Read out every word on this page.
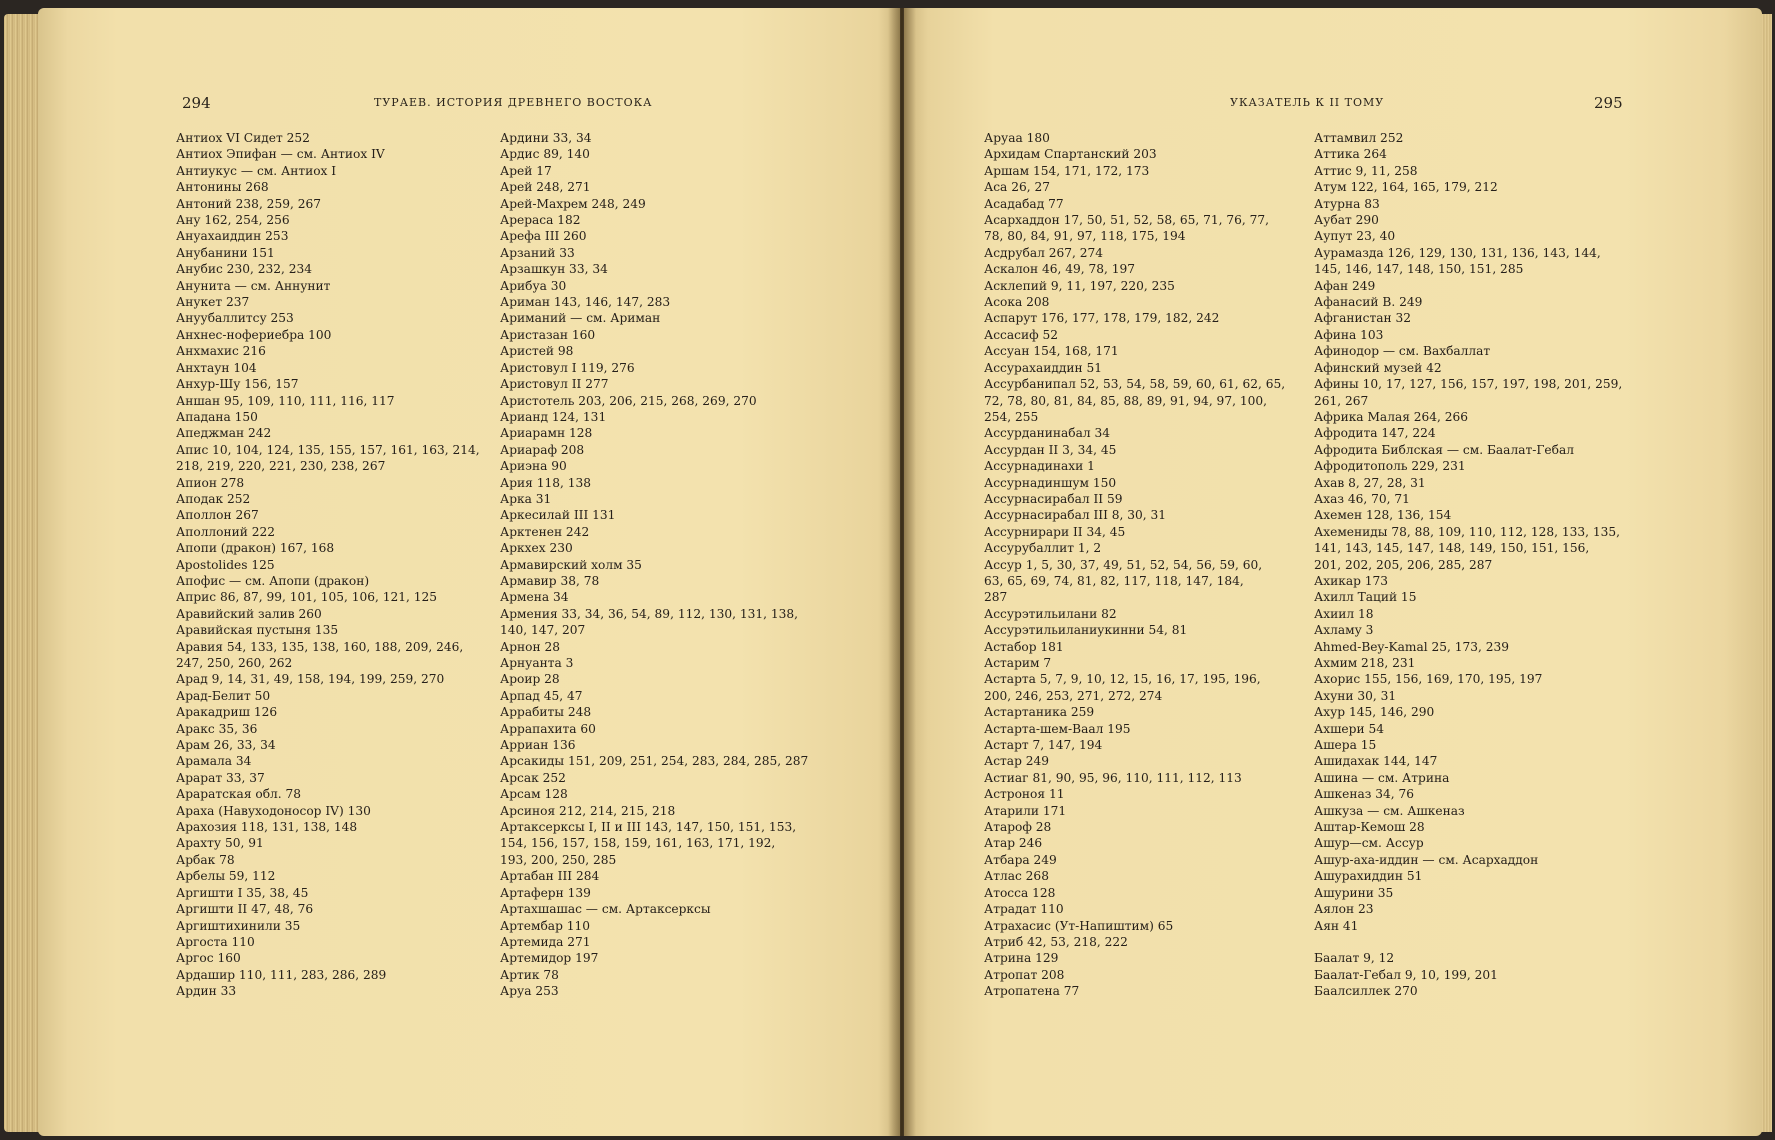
294	ТУРАЕВ. ИСТОРИЯ ДРЕВНЕГО ВОСТОКА	УКАЗАТЕЛЬ К II ТОМУ	295
Антиох VI Сидет 252
Антиох Эпифан — см. Антиох IV
Антиукус — см. Антиох I
Антонины 268
Антоний 238, 259, 267
Ану 162, 254, 256
Ануахаиддин 253
Анубанини 151
Анубис 230, 232, 234
Анунита — см. Аннунит
Анукет 237
Ануубаллитсу 253
Анхнес-нофериебра 100
Анхмахис 216
Анхтаун 104
Анхур-Шу 156, 157
Аншан 95, 109, 110, 111, 116, 117
Ападана 150
Апеджман 242
Апис 10, 104, 124, 135, 155, 157, 161, 163, 214,
218, 219, 220, 221, 230, 238, 267
Апион 278
Аподак 252
Аполлон 267
Аполлоний 222
Апопи (дракон) 167, 168
Apostolides 125
Апофис — см. Апопи (дракон)
Априс 86, 87, 99, 101, 105, 106, 121, 125
Аравийский залив 260
Аравийская пустыня 135
Аравия 54, 133, 135, 138, 160, 188, 209, 246,
247, 250, 260, 262
Арад 9, 14, 31, 49, 158, 194, 199, 259, 270
Арад-Белит 50
Аракадриш 126
Аракс 35, 36
Арам 26, 33, 34
Арамала 34
Арарат 33, 37
Араратская обл. 78
Араха (Навуходоносор IV) 130
Арахозия 118, 131, 138, 148
Арахту 50, 91
Арбак 78
Арбелы 59, 112
Аргишти I 35, 38, 45
Аргишти II 47, 48, 76
Аргиштихинили 35
Аргоста 110
Аргос 160
Ардашир 110, 111, 283, 286, 289
Ардин 33
Ардини 33, 34
Ардис 89, 140
Арей 17
Арей 248, 271
Арей-Махрем 248, 249
Арераса 182
Арефа III 260
Арзаний 33
Арзашкун 33, 34
Арибуа 30
Ариман 143, 146, 147, 283
Ариманий — см. Ариман
Аристазан 160
Аристей 98
Аристовул I 119, 276
Аристовул II 277
Аристотель 203, 206, 215, 268, 269, 270
Арианд 124, 131
Ариарамн 128
Ариараф 208
Ариэна 90
Ария 118, 138
Арка 31
Аркесилай III 131
Арктенен 242
Аркхех 230
Армавирский холм 35
Армавир 38, 78
Армена 34
Армения 33, 34, 36, 54, 89, 112, 130, 131, 138,
140, 147, 207
Арнон 28
Арнуанта 3
Ароир 28
Арпад 45, 47
Аррабиты 248
Аррапахита 60
Арриан 136
Арсакиды 151, 209, 251, 254, 283, 284, 285, 287
Арсак 252
Арсам 128
Арсиноя 212, 214, 215, 218
Артаксерксы I, II и III 143, 147, 150, 151, 153,
154, 156, 157, 158, 159, 161, 163, 171, 192,
193, 200, 250, 285
Артабан III 284
Артаферн 139
Артахшашас — см. Артаксерксы
Артембар 110
Артемида 271
Артемидор 197
Артик 78
Аруа 253
Аруаа 180
Архидам Спартанский 203
Аршам 154, 171, 172, 173
Аса 26, 27
Асадабад 77
Асархаддон 17, 50, 51, 52, 58, 65, 71, 76, 77,
78, 80, 84, 91, 97, 118, 175, 194
Асдрубал 267, 274
Аскалон 46, 49, 78, 197
Асклепий 9, 11, 197, 220, 235
Асока 208
Аспарут 176, 177, 178, 179, 182, 242
Ассасиф 52
Ассуан 154, 168, 171
Ассурахаиддин 51
Ассурбанипал 52, 53, 54, 58, 59, 60, 61, 62, 65,
72, 78, 80, 81, 84, 85, 88, 89, 91, 94, 97, 100,
254, 255
Ассурданинабал 34
Ассурдан II 3, 34, 45
Ассурнадинахи 1
Ассурнадиншум 150
Ассурнасирабал II 59
Ассурнасирабал III 8, 30, 31
Ассурнирари II 34, 45
Ассурубаллит 1, 2
Ассур 1, 5, 30, 37, 49, 51, 52, 54, 56, 59, 60,
63, 65, 69, 74, 81, 82, 117, 118, 147, 184,
287
Ассурэтильилани 82
Ассурэтильиланиукинни 54, 81
Астабор 181
Астарим 7
Астарта 5, 7, 9, 10, 12, 15, 16, 17, 195, 196,
200, 246, 253, 271, 272, 274
Астартаника 259
Астарта-шем-Ваал 195
Астарт 7, 147, 194
Астар 249
Астиаг 81, 90, 95, 96, 110, 111, 112, 113
Астроноя 11
Атарили 171
Атароф 28
Атар 246
Атбара 249
Атлас 268
Атосса 128
Атрадат 110
Атрахасис (Ут-Напиштим) 65
Атриб 42, 53, 218, 222
Атрина 129
Атропат 208
Атропатена 77
Аттамвил 252
Аттика 264
Аттис 9, 11, 258
Атум 122, 164, 165, 179, 212
Атурна 83
Аубат 290
Аупут 23, 40
Аурамазда 126, 129, 130, 131, 136, 143, 144,
145, 146, 147, 148, 150, 151, 285
Афан 249
Афанасий В. 249
Афганистан 32
Афина 103
Афинодор — см. Вахбаллат
Афинский музей 42
Афины 10, 17, 127, 156, 157, 197, 198, 201, 259,
261, 267
Африка Малая 264, 266
Афродита 147, 224
Афродита Библская — см. Баалат-Гебал
Афродитополь 229, 231
Ахав 8, 27, 28, 31
Ахаз 46, 70, 71
Ахемен 128, 136, 154
Ахемениды 78, 88, 109, 110, 112, 128, 133, 135,
141, 143, 145, 147, 148, 149, 150, 151, 156,
201, 202, 205, 206, 285, 287
Ахикар 173
Ахилл Таций 15
Ахиил 18
Ахламу 3
Ahmed-Bey-Kamal 25, 173, 239
Ахмим 218, 231
Ахорис 155, 156, 169, 170, 195, 197
Ахуни 30, 31
Ахур 145, 146, 290
Ахшери 54
Ашера 15
Ашидахак 144, 147
Ашина — см. Атрина
Ашкеназ 34, 76
Ашкуза — см. Ашкеназ
Аштар-Кемош 28
Ашур—см. Ассур
Ашур-аха-иддин — см. Асархаддон
Ашурахиддин 51
Ашурини 35
Аялон 23
Аян 41
Баалат 9, 12
Баалат-Гебал 9, 10, 199, 201
Баалсиллек 270
